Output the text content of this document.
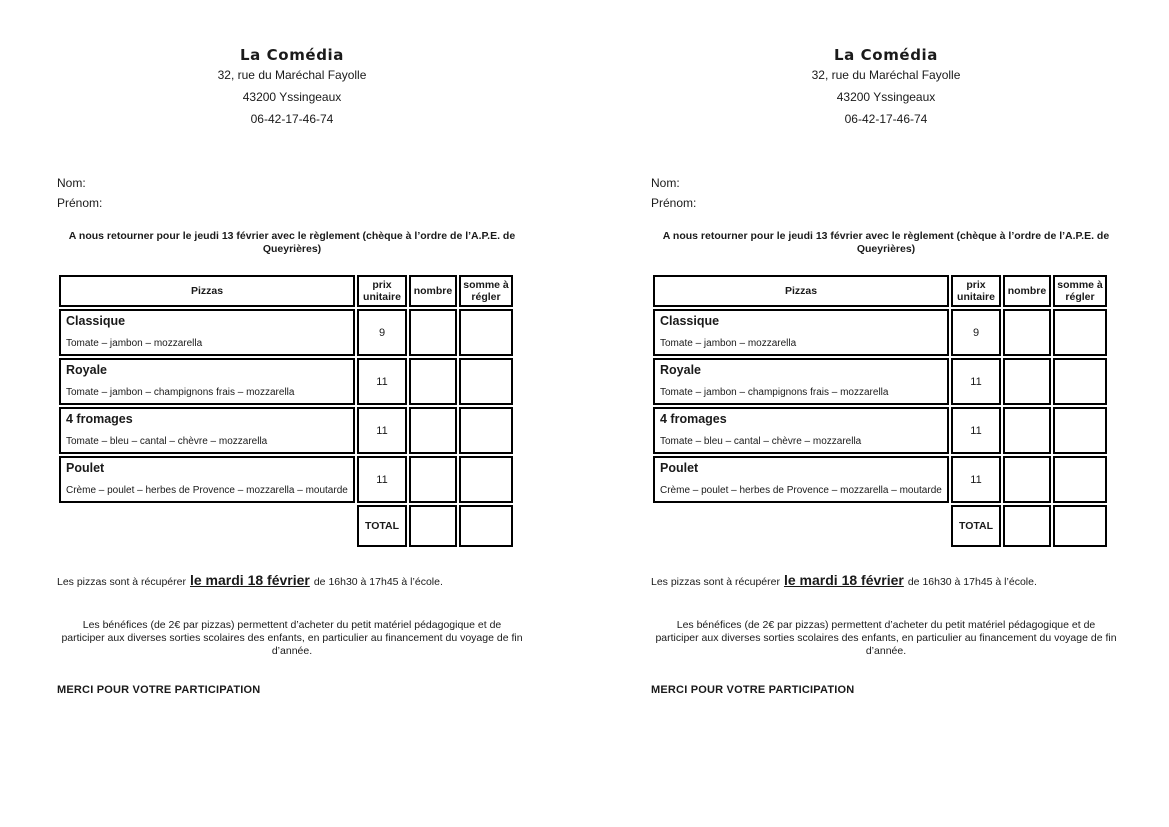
La Comédia
32, rue du Maréchal Fayolle
43200 Yssingeaux
06-42-17-46-74
Nom:
Prénom:
A nous retourner pour le jeudi 13 février avec le règlement (chèque à l’ordre de l’A.P.E. de Queyrières)
Pizzas	prix unitaire	nombre	somme à régler

Classique
Tomate – jambon – mozzarella	9		

Royale
Tomate – jambon – champignons frais – mozzarella	11		

4 fromages
Tomate – bleu – cantal – chèvre – mozzarella	11		

Poulet
Crème – poulet – herbes de Provence – mozzarella – moutarde	11		
	TOTAL		
Les pizzas sont à récupérer le mardi 18 février de 16h30 à 17h45 à l’école.
Les bénéfices (de 2€ par pizzas) permettent d’acheter du petit matériel pédagogique et de participer aux diverses sorties scolaires des enfants, en particulier au financement du voyage de fin d’année.
MERCI POUR VOTRE PARTICIPATION
La Comédia
32, rue du Maréchal Fayolle
43200 Yssingeaux
06-42-17-46-74
Nom:
Prénom:
A nous retourner pour le jeudi 13 février avec le règlement (chèque à l’ordre de l’A.P.E. de Queyrières)
Pizzas	prix unitaire	nombre	somme à régler

Classique
Tomate – jambon – mozzarella	9		

Royale
Tomate – jambon – champignons frais – mozzarella	11		

4 fromages
Tomate – bleu – cantal – chèvre – mozzarella	11		

Poulet
Crème – poulet – herbes de Provence – mozzarella – moutarde	11		
	TOTAL		
Les pizzas sont à récupérer le mardi 18 février de 16h30 à 17h45 à l’école.
Les bénéfices (de 2€ par pizzas) permettent d’acheter du petit matériel pédagogique et de participer aux diverses sorties scolaires des enfants, en particulier au financement du voyage de fin d’année.
MERCI POUR VOTRE PARTICIPATION
